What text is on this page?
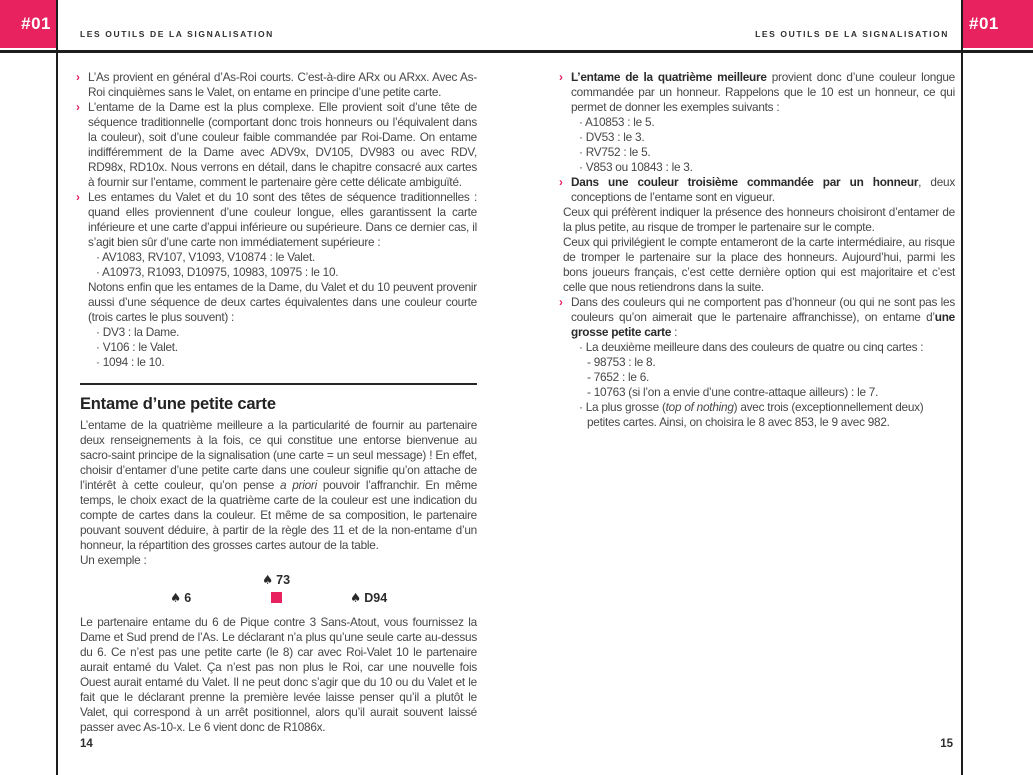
#01	#01
LES OUTILS DE LA SIGNALISATION	LES OUTILS DE LA SIGNALISATION
› L’As provient en général d’As-Roi courts. C’est-à-dire ARx ou ARxx. Avec As-Roi cinquièmes sans le Valet, on entame en principe d’une petite carte.
› L’entame de la Dame est la plus complexe. Elle provient soit d’une tête de séquence traditionnelle (comportant donc trois honneurs ou l’équivalent dans la couleur), soit d’une couleur faible commandée par Roi-Dame. On entame indifféremment de la Dame avec ADV9x, DV105, DV983 ou avec RDV, RD98x, RD10x. Nous verrons en détail, dans le chapitre consacré aux cartes à fournir sur l’entame, comment le partenaire gère cette délicate ambiguïté.
› Les entames du Valet et du 10 sont des têtes de séquence traditionnelles : quand elles proviennent d’une couleur longue, elles garantissent la carte inférieure et une carte d’appui inférieure ou supérieure. Dans ce dernier cas, il s’agit bien sûr d’une carte non immédiatement supérieure :
· AV1083, RV107, V1093, V10874 : le Valet.
· A10973, R1093, D10975, 10983, 10975 : le 10.
Notons enfin que les entames de la Dame, du Valet et du 10 peuvent provenir aussi d’une séquence de deux cartes équivalentes dans une couleur courte (trois cartes le plus souvent) :
· DV3 : la Dame.
· V106 : le Valet.
· 1094 : le 10.
Entame d’une petite carte

L’entame de la quatrième meilleure a la particularité de fournir au partenaire deux renseignements à la fois, ce qui constitue une entorse bienvenue au sacro-saint principe de la signalisation (une carte = un seul message) ! En effet, choisir d’entamer d’une petite carte dans une couleur signifie qu’on attache de l’intérêt à cette couleur, qu’on pense a priori pouvoir l’affranchir. En même temps, le choix exact de la quatrième carte de la couleur est une indication du compte de cartes dans la couleur. Et même de sa composition, le partenaire pouvant souvent déduire, à partir de la règle des 11 et de la non-entame d’un honneur, la répartition des grosses cartes autour de la table.

Un exemple :
♠ 73
♠ 6	♠ D94

Le partenaire entame du 6 de Pique contre 3 Sans-Atout, vous fournissez la Dame et Sud prend de l’As. Le déclarant n’a plus qu’une seule carte au-dessus du 6. Ce n’est pas une petite carte (le 8) car avec Roi-Valet 10 le partenaire aurait entamé du Valet. Ça n’est pas non plus le Roi, car une nouvelle fois Ouest aurait entamé du Valet. Il ne peut donc s’agir que du 10 ou du Valet et le fait que le déclarant prenne la première levée laisse penser qu’il a plutôt le Valet, qui correspond à un arrêt positionnel, alors qu’il aurait souvent laissé passer avec As-10-x. Le 6 vient donc de R1086x.

› L’entame de la quatrième meilleure provient donc d’une couleur longue commandée par un honneur. Rappelons que le 10 est un honneur, ce qui permet de donner les exemples suivants :
· A10853 : le 5.
· DV53 : le 3.
· RV752 : le 5.
· V853 ou 10843 : le 3.
› Dans une couleur troisième commandée par un honneur, deux conceptions de l’entame sont en vigueur.

Ceux qui préfèrent indiquer la présence des honneurs choisiront d’entamer de la plus petite, au risque de tromper le partenaire sur le compte.

Ceux qui privilégient le compte entameront de la carte intermédiaire, au risque de tromper le partenaire sur la place des honneurs. Aujourd’hui, parmi les bons joueurs français, c’est cette dernière option qui est majoritaire et c’est celle que nous retiendrons dans la suite.

› Dans des couleurs qui ne comportent pas d’honneur (ou qui ne sont pas les couleurs qu’on aimerait que le partenaire affranchisse), on entame d’une grosse petite carte :
· La deuxième meilleure dans des couleurs de quatre ou cinq cartes :
- 98753 : le 8.
- 7652 : le 6.
- 10763 (si l’on a envie d’une contre-attaque ailleurs) : le 7.
· La plus grosse (top of nothing) avec trois (exceptionnellement deux) petites cartes. Ainsi, on choisira le 8 avec 853, le 9 avec 982.
14	15
